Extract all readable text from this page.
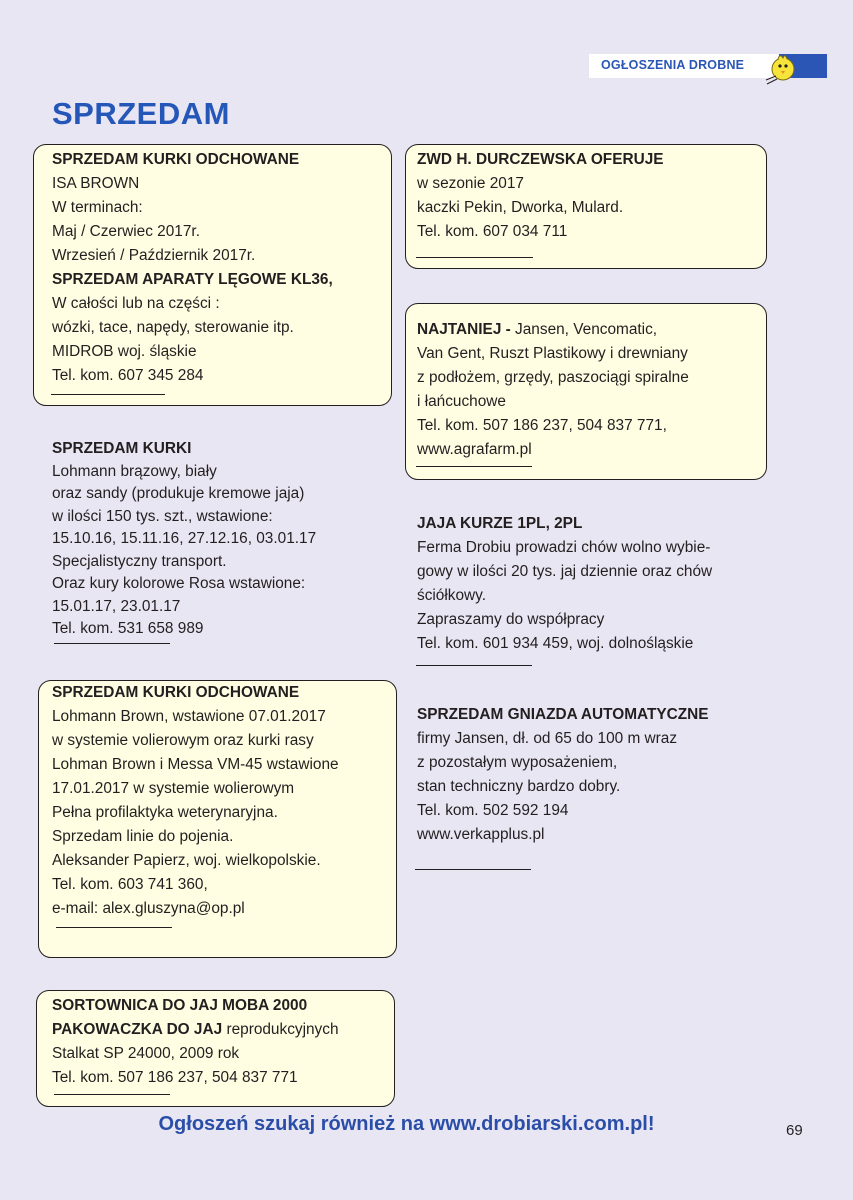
OGŁOSZENIA DROBNE
SPRZEDAM
SPRZEDAM KURKI ODCHOWANE
ISA BROWN
W terminach:
Maj / Czerwiec 2017r.
Wrzesień / Październik 2017r.
SPRZEDAM APARATY LĘGOWE KL36,
W całości lub na części :
wózki, tace, napędy, sterowanie itp.
MIDROB woj. śląskie
Tel. kom. 607 345 284
ZWD H. DURCZEWSKA OFERUJE
w sezonie 2017
kaczki Pekin, Dworka, Mulard.
Tel. kom. 607 034 711
NAJTANIEJ - Jansen, Vencomatic,
Van Gent, Ruszt Plastikowy i drewniany
z podłożem, grzędy, paszociągi spiralne
i łańcuchowe
Tel. kom. 507 186 237, 504 837 771,
www.agrafarm.pl
SPRZEDAM KURKI
Lohmann brązowy, biały
oraz sandy (produkuje kremowe jaja)
w ilości 150 tys. szt., wstawione:
15.10.16, 15.11.16, 27.12.16, 03.01.17
Specjalistyczny transport.
Oraz kury kolorowe Rosa wstawione:
15.01.17, 23.01.17
Tel. kom. 531 658 989
JAJA KURZE 1PL, 2PL
Ferma Drobiu prowadzi chów wolno wybie-
gowy w ilości 20 tys. jaj dziennie oraz chów
ściółkowy.
Zapraszamy do współpracy
Tel. kom. 601 934 459, woj. dolnośląskie
SPRZEDAM KURKI ODCHOWANE
Lohmann Brown, wstawione 07.01.2017
w systemie volierowym oraz kurki rasy
Lohman Brown i Messa VM-45 wstawione
17.01.2017 w systemie wolierowym
Pełna profilaktyka weterynaryjna.
Sprzedam linie do pojenia.
Aleksander Papierz, woj. wielkopolskie.
Tel. kom. 603 741 360,
e-mail: alex.gluszyna@op.pl
SPRZEDAM GNIAZDA AUTOMATYCZNE
firmy Jansen, dł. od 65 do 100 m wraz
z pozostałym wyposażeniem,
stan techniczny bardzo dobry.
Tel. kom. 502 592 194
www.verkapplus.pl
SORTOWNICA DO JAJ MOBA 2000
PAKOWACZKA DO JAJ reprodukcyjnych
Stalkat SP 24000, 2009 rok
Tel. kom. 507 186 237, 504 837 771
Ogłoszeń szukaj również na www.drobiarski.com.pl!	69
